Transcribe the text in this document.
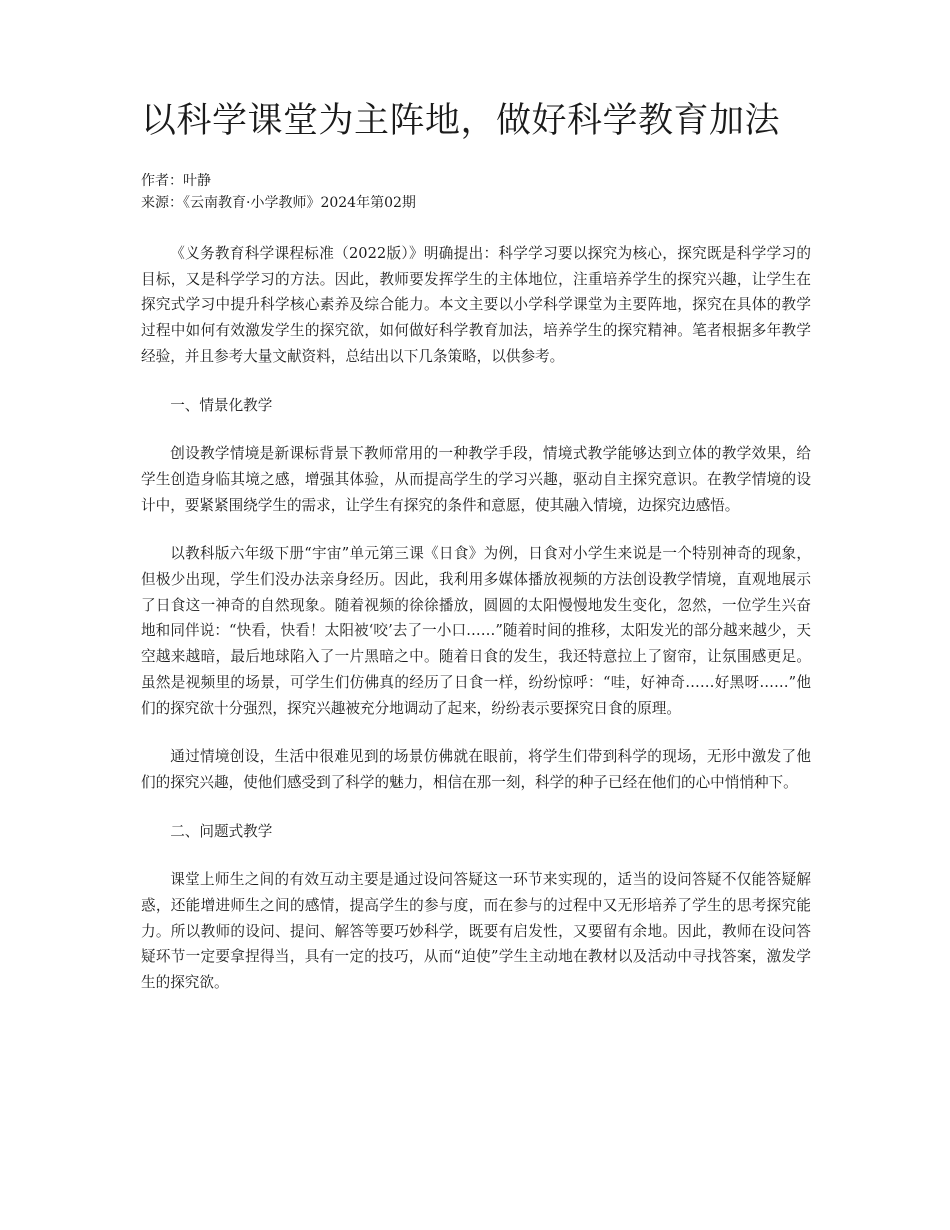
以科学课堂为主阵地，做好科学教育加法
作者：叶静
来源：《云南教育·小学教师》2024年第02期

《义务教育科学课程标准（2022版）》明确提出：科学学习要以探究为核心，探究既是科学学习的目标，又是科学学习的方法。因此，教师要发挥学生的主体地位，注重培养学生的探究兴趣，让学生在探究式学习中提升科学核心素养及综合能力。本文主要以小学科学课堂为主要阵地，探究在具体的教学过程中如何有效激发学生的探究欲，如何做好科学教育加法，培养学生的探究精神。笔者根据多年教学经验，并且参考大量文献资料，总结出以下几条策略，以供参考。

一、情景化教学

创设教学情境是新课标背景下教师常用的一种教学手段，情境式教学能够达到立体的教学效果，给学生创造身临其境之感，增强其体验，从而提高学生的学习兴趣，驱动自主探究意识。在教学情境的设计中，要紧紧围绕学生的需求，让学生有探究的条件和意愿，使其融入情境，边探究边感悟。

以教科版六年级下册“宇宙”单元第三课《日食》为例，日食对小学生来说是一个特别神奇的现象，但极少出现，学生们没办法亲身经历。因此，我利用多媒体播放视频的方法创设教学情境，直观地展示了日食这一神奇的自然现象。随着视频的徐徐播放，圆圆的太阳慢慢地发生变化，忽然，一位学生兴奋地和同伴说：“快看，快看！太阳被‘咬’去了一小口……”随着时间的推移，太阳发光的部分越来越少，天空越来越暗，最后地球陷入了一片黑暗之中。随着日食的发生，我还特意拉上了窗帘，让氛围感更足。虽然是视频里的场景，可学生们仿佛真的经历了日食一样，纷纷惊呼：“哇，好神奇……好黑呀……”他们的探究欲十分强烈，探究兴趣被充分地调动了起来，纷纷表示要探究日食的原理。

通过情境创设，生活中很难见到的场景仿佛就在眼前，将学生们带到科学的现场，无形中激发了他们的探究兴趣，使他们感受到了科学的魅力，相信在那一刻，科学的种子已经在他们的心中悄悄种下。

二、问题式教学

课堂上师生之间的有效互动主要是通过设问答疑这一环节来实现的，适当的设问答疑不仅能答疑解惑，还能增进师生之间的感情，提高学生的参与度，而在参与的过程中又无形培养了学生的思考探究能力。所以教师的设问、提问、解答等要巧妙科学，既要有启发性，又要留有余地。因此，教师在设问答疑环节一定要拿捏得当，具有一定的技巧，从而“迫使”学生主动地在教材以及活动中寻找答案，激发学生的探究欲。
